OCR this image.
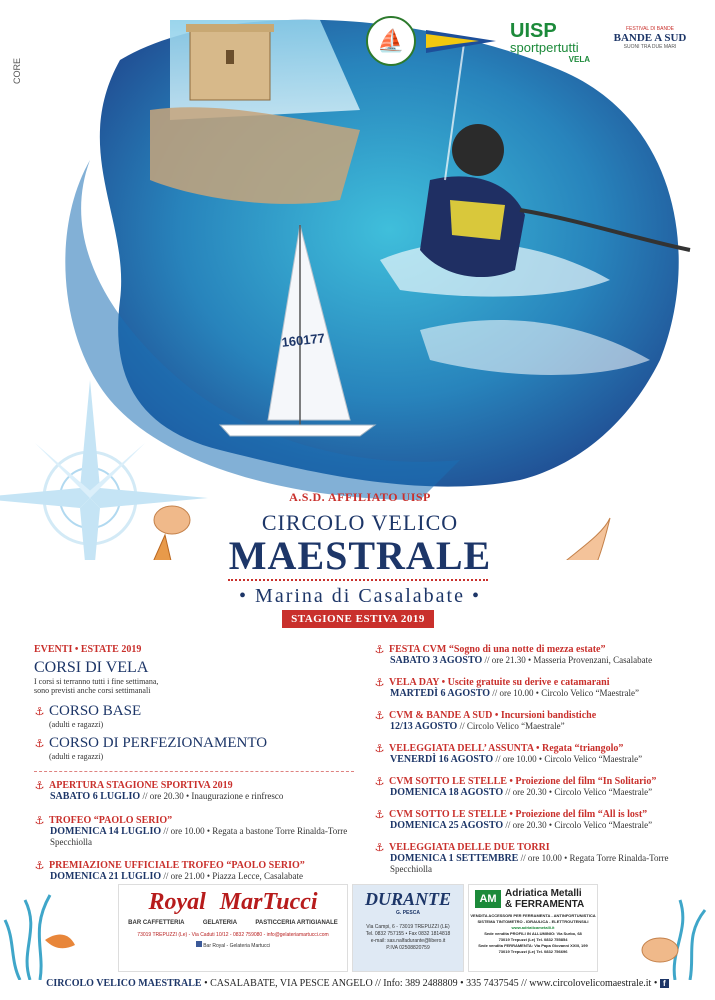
160177
CORE
⛵	UISP
sportpertutti
VELA
FESTIVAL DI BANDE
BANDE A SUD
SUONI TRA DUE MARI
A.S.D. AFFILIATO UISP
CIRCOLO VELICO
MAESTRALE
• Marina di Casalabate •
STAGIONE ESTIVA 2019
EVENTI • ESTATE 2019
CORSI DI VELA
I corsi si terranno tutti i fine settimana,
sono previsti anche corsi settimanali
⚓ CORSO BASE
(adulti e ragazzi)
⚓ CORSO DI PERFEZIONAMENTO
(adulti e ragazzi)
⚓ APERTURA STAGIONE SPORTIVA 2019
SABATO 6 LUGLIO // ore 20.30 • Inaugurazione e rinfresco
⚓ TROFEO “PAOLO SERIO”
DOMENICA 14 LUGLIO // ore 10.00 • Regata a bastone Torre Rinalda-Torre Specchiolla
⚓ PREMIAZIONE UFFICIALE TROFEO “PAOLO SERIO”
DOMENICA 21 LUGLIO // ore 21.00 • Piazza Lecce, Casalabate
⚓ FESTA CVM “Sogno di una notte di mezza estate”
SABATO 3 AGOSTO // ore 21.30 • Masseria Provenzani, Casalabate
⚓ VELA DAY • Uscite gratuite su derive e catamarani
MARTEDÌ 6 AGOSTO // ore 10.00 • Circolo Velico “Maestrale”
⚓ CVM & BANDE A SUD • Incursioni bandistiche
12/13 AGOSTO // Circolo Velico “Maestrale”
⚓ VELEGGIATA DELL’ ASSUNTA • Regata “triangolo”
VENERDÌ 16 AGOSTO // ore 10.00 • Circolo Velico “Maestrale”
⚓ CVM SOTTO LE STELLE • Proiezione del film “In Solitario”
DOMENICA 18 AGOSTO // ore 20.30 • Circolo Velico “Maestrale”
⚓ CVM SOTTO LE STELLE • Proiezione del film “All is lost”
DOMENICA 25 AGOSTO // ore 20.30 • Circolo Velico “Maestrale”
⚓ VELEGGIATA DELLE DUE TORRI
DOMENICA 1 SETTEMBRE // ore 10.00 • Regata Torre Rinalda-Torre Specchiolla
Royal MarTucci
BAR CAFFETTERIA	GELATERIA	PASTICCERIA ARTIGIANALE
73019 TREPUZZI (Le) - Via Caduti 10/12 - 0832 759080 - info@gelateriamartucci.com
Bar Royal - Gelateria Martucci
DURANTE
G. PESCA
Via Campi, 6 - 73019 TREPUZZI (LE)
Tel. 0832 757155 • Fax 0832 1814818
e-mail: sas.nalfadurante@libero.it
P.IVA 02508820759
AM Adriatica Metalli
& FERRAMENTA
VENDITA ACCESSORI PER FERRAMENTA - ANTINFORTUNISTICA
SISTEMA TINTOMETRO - IDRAULICA - ELETTROUTENSILI
www.adriaticametalli.it
Sede vendita PROFILI IN ALLUMINIO: Via Surbo, 68
73019 Trepuzzi (Le) Tel. 0832 755854
Sede vendita FERRAMENTA: Via Papa Giovanni XXIII, 199
73019 Trepuzzi (Le) Tel. 0832 756696
CIRCOLO VELICO MAESTRALE • CASALABATE, VIA PESCE ANGELO // Info: 389 2488809 • 335 7437545 // www.circolovelicomaestrale.it • f
